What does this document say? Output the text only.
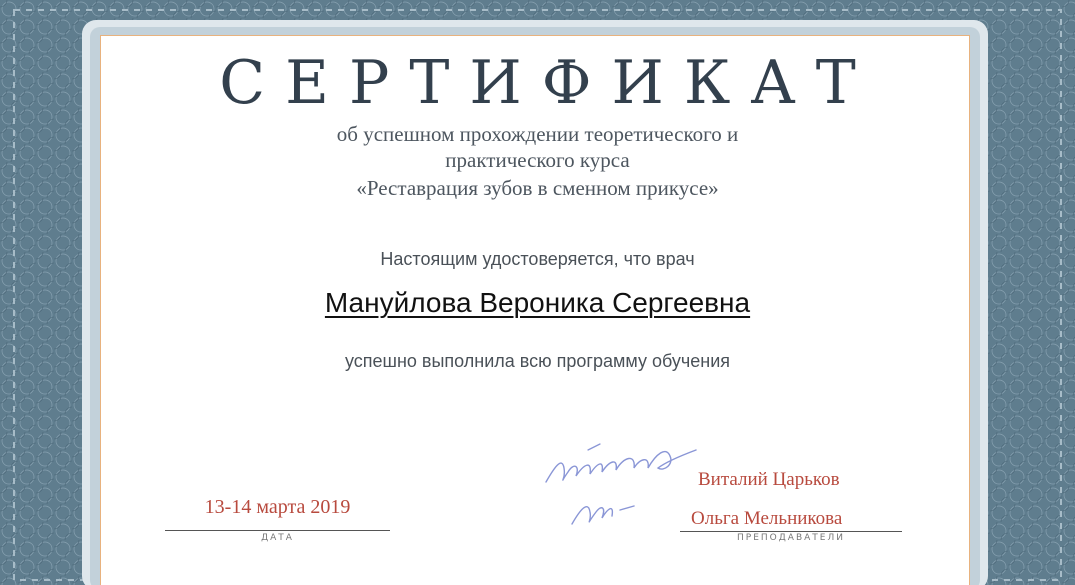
СЕРТИФИКАТ
об успешном прохождении теоретического и
практического курса
«Реставрация зубов в сменном прикусе»
Настоящим удостоверяется, что врач
Мануйлова Вероника Сергеевна
успешно выполнила всю программу обучения
13-14 марта 2019
ДАТА
Виталий Царьков
Ольга Мельникова
ПРЕПОДАВАТЕЛИ
